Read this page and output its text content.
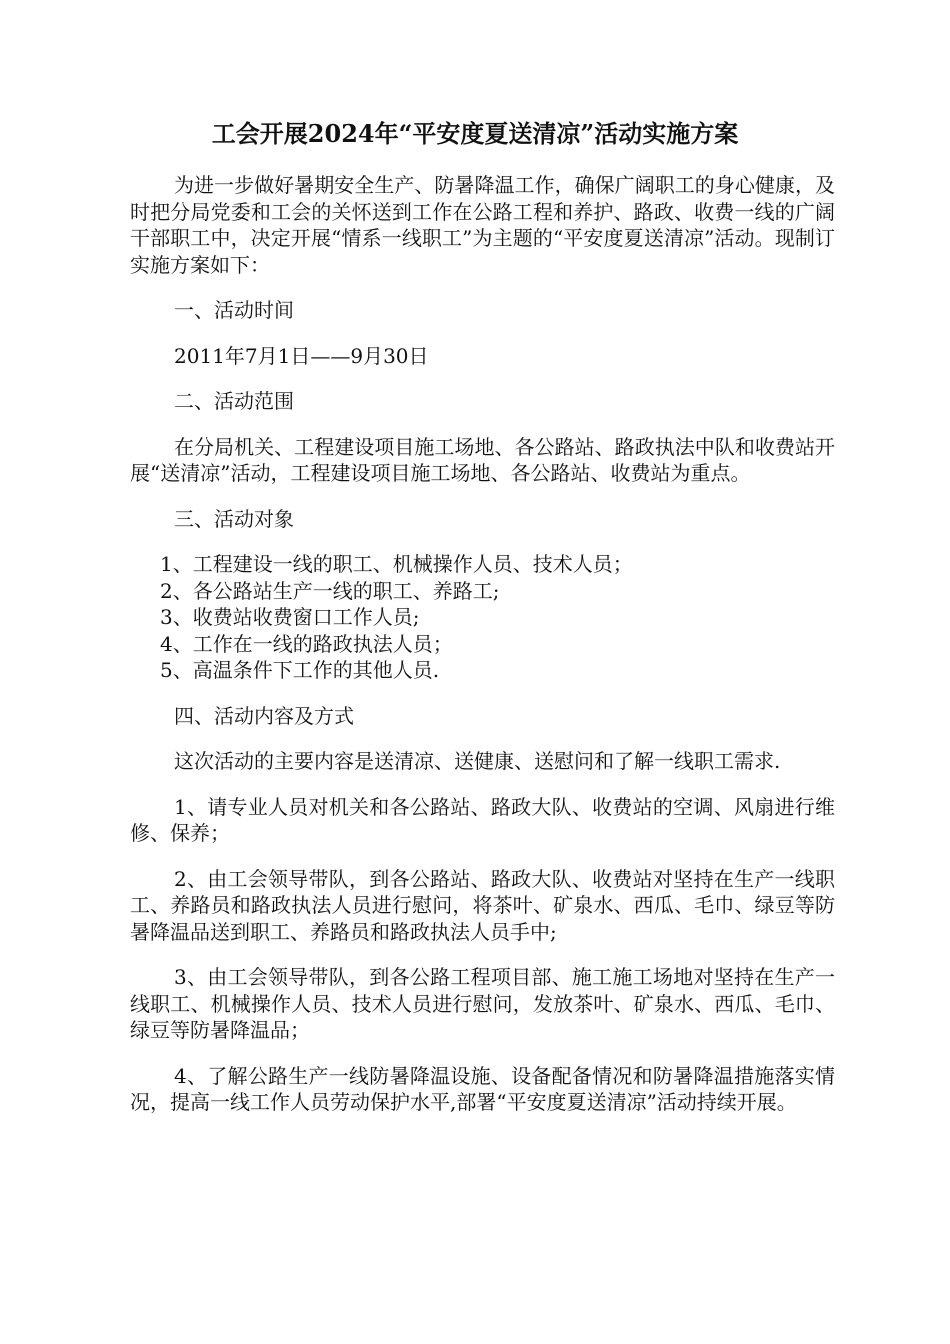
工会开展2024年“平安度夏送清凉”活动实施方案

为进一步做好暑期安全生产、防暑降温工作，确保广阔职工的身心健康，及时把分局党委和工会的关怀送到工作在公路工程和养护、路政、收费一线的广阔干部职工中，决定开展“情系一线职工”为主题的“平安度夏送清凉”活动。现制订实施方案如下：

一、活动时间

2011年7月1日——9月30日

二、活动范围

在分局机关、工程建设项目施工场地、各公路站、路政执法中队和收费站开展“送清凉”活动，工程建设项目施工场地、各公路站、收费站为重点。

三、活动对象

1、工程建设一线的职工、机械操作人员、技术人员；
2、各公路站生产一线的职工、养路工;
3、收费站收费窗口工作人员;
4、工作在一线的路政执法人员；
5、高温条件下工作的其他人员.

四、活动内容及方式

这次活动的主要内容是送清凉、送健康、送慰问和了解一线职工需求.

1、请专业人员对机关和各公路站、路政大队、收费站的空调、风扇进行维修、保养；

2、由工会领导带队，到各公路站、路政大队、收费站对坚持在生产一线职工、养路员和路政执法人员进行慰问，将茶叶、矿泉水、西瓜、毛巾、绿豆等防暑降温品送到职工、养路员和路政执法人员手中;

3、由工会领导带队，到各公路工程项目部、施工施工场地对坚持在生产一线职工、机械操作人员、技术人员进行慰问，发放茶叶、矿泉水、西瓜、毛巾、绿豆等防暑降温品；

4、了解公路生产一线防暑降温设施、设备配备情况和防暑降温措施落实情况，提高一线工作人员劳动保护水平,部署“平安度夏送清凉”活动持续开展。
